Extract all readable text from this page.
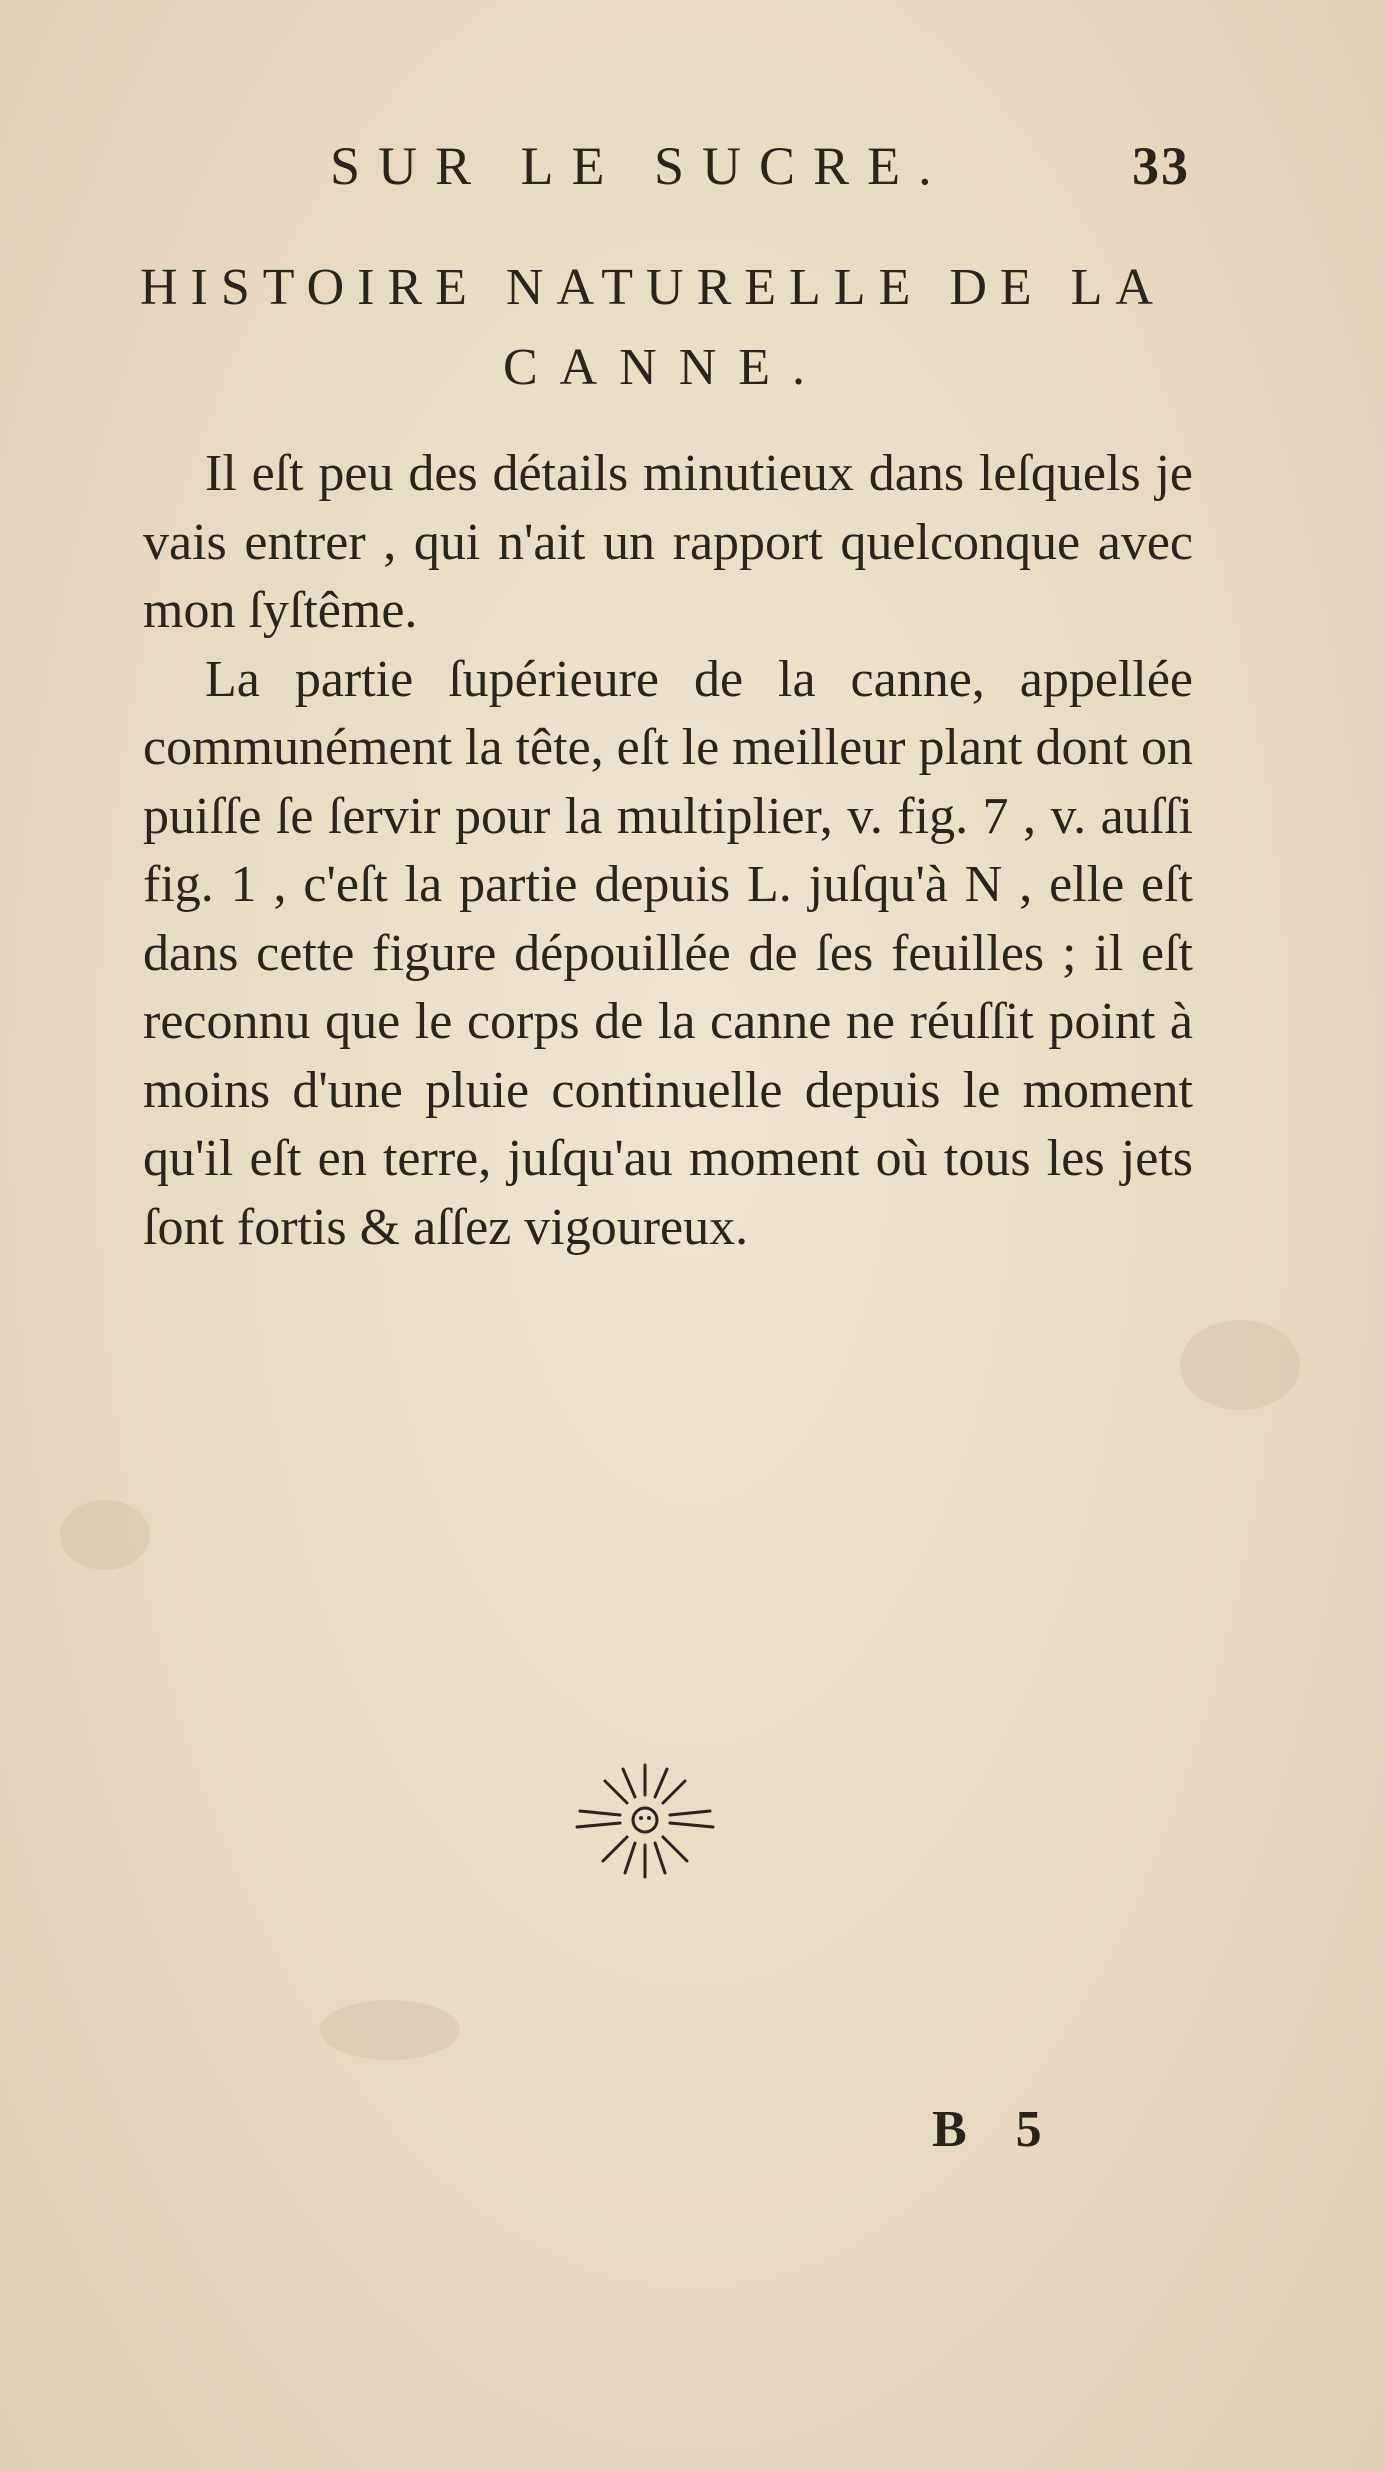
SUR LE SUCRE.	33
HISTOIRE NATURELLE DE LA
CANNE.

Il eſt peu des détails minutieux dans leſquels je vais entrer , qui n'ait un rapport quelconque avec mon ſyſtême.

La partie ſupérieure de la canne, appellée communément la tête, eſt le meilleur plant dont on puiſſe ſe ſervir pour la multiplier, v. fig. 7 , v. auſſi fig. 1 , c'eſt la partie depuis L. juſqu'à N , elle eſt dans cette figure dépouillée de ſes feuilles ; il eſt reconnu que le corps de la canne ne réuſſit point à moins d'une pluie continuelle depuis le moment qu'il eſt en terre, juſqu'au moment où tous les jets ſont fortis & aſſez vigoureux.

B 5
